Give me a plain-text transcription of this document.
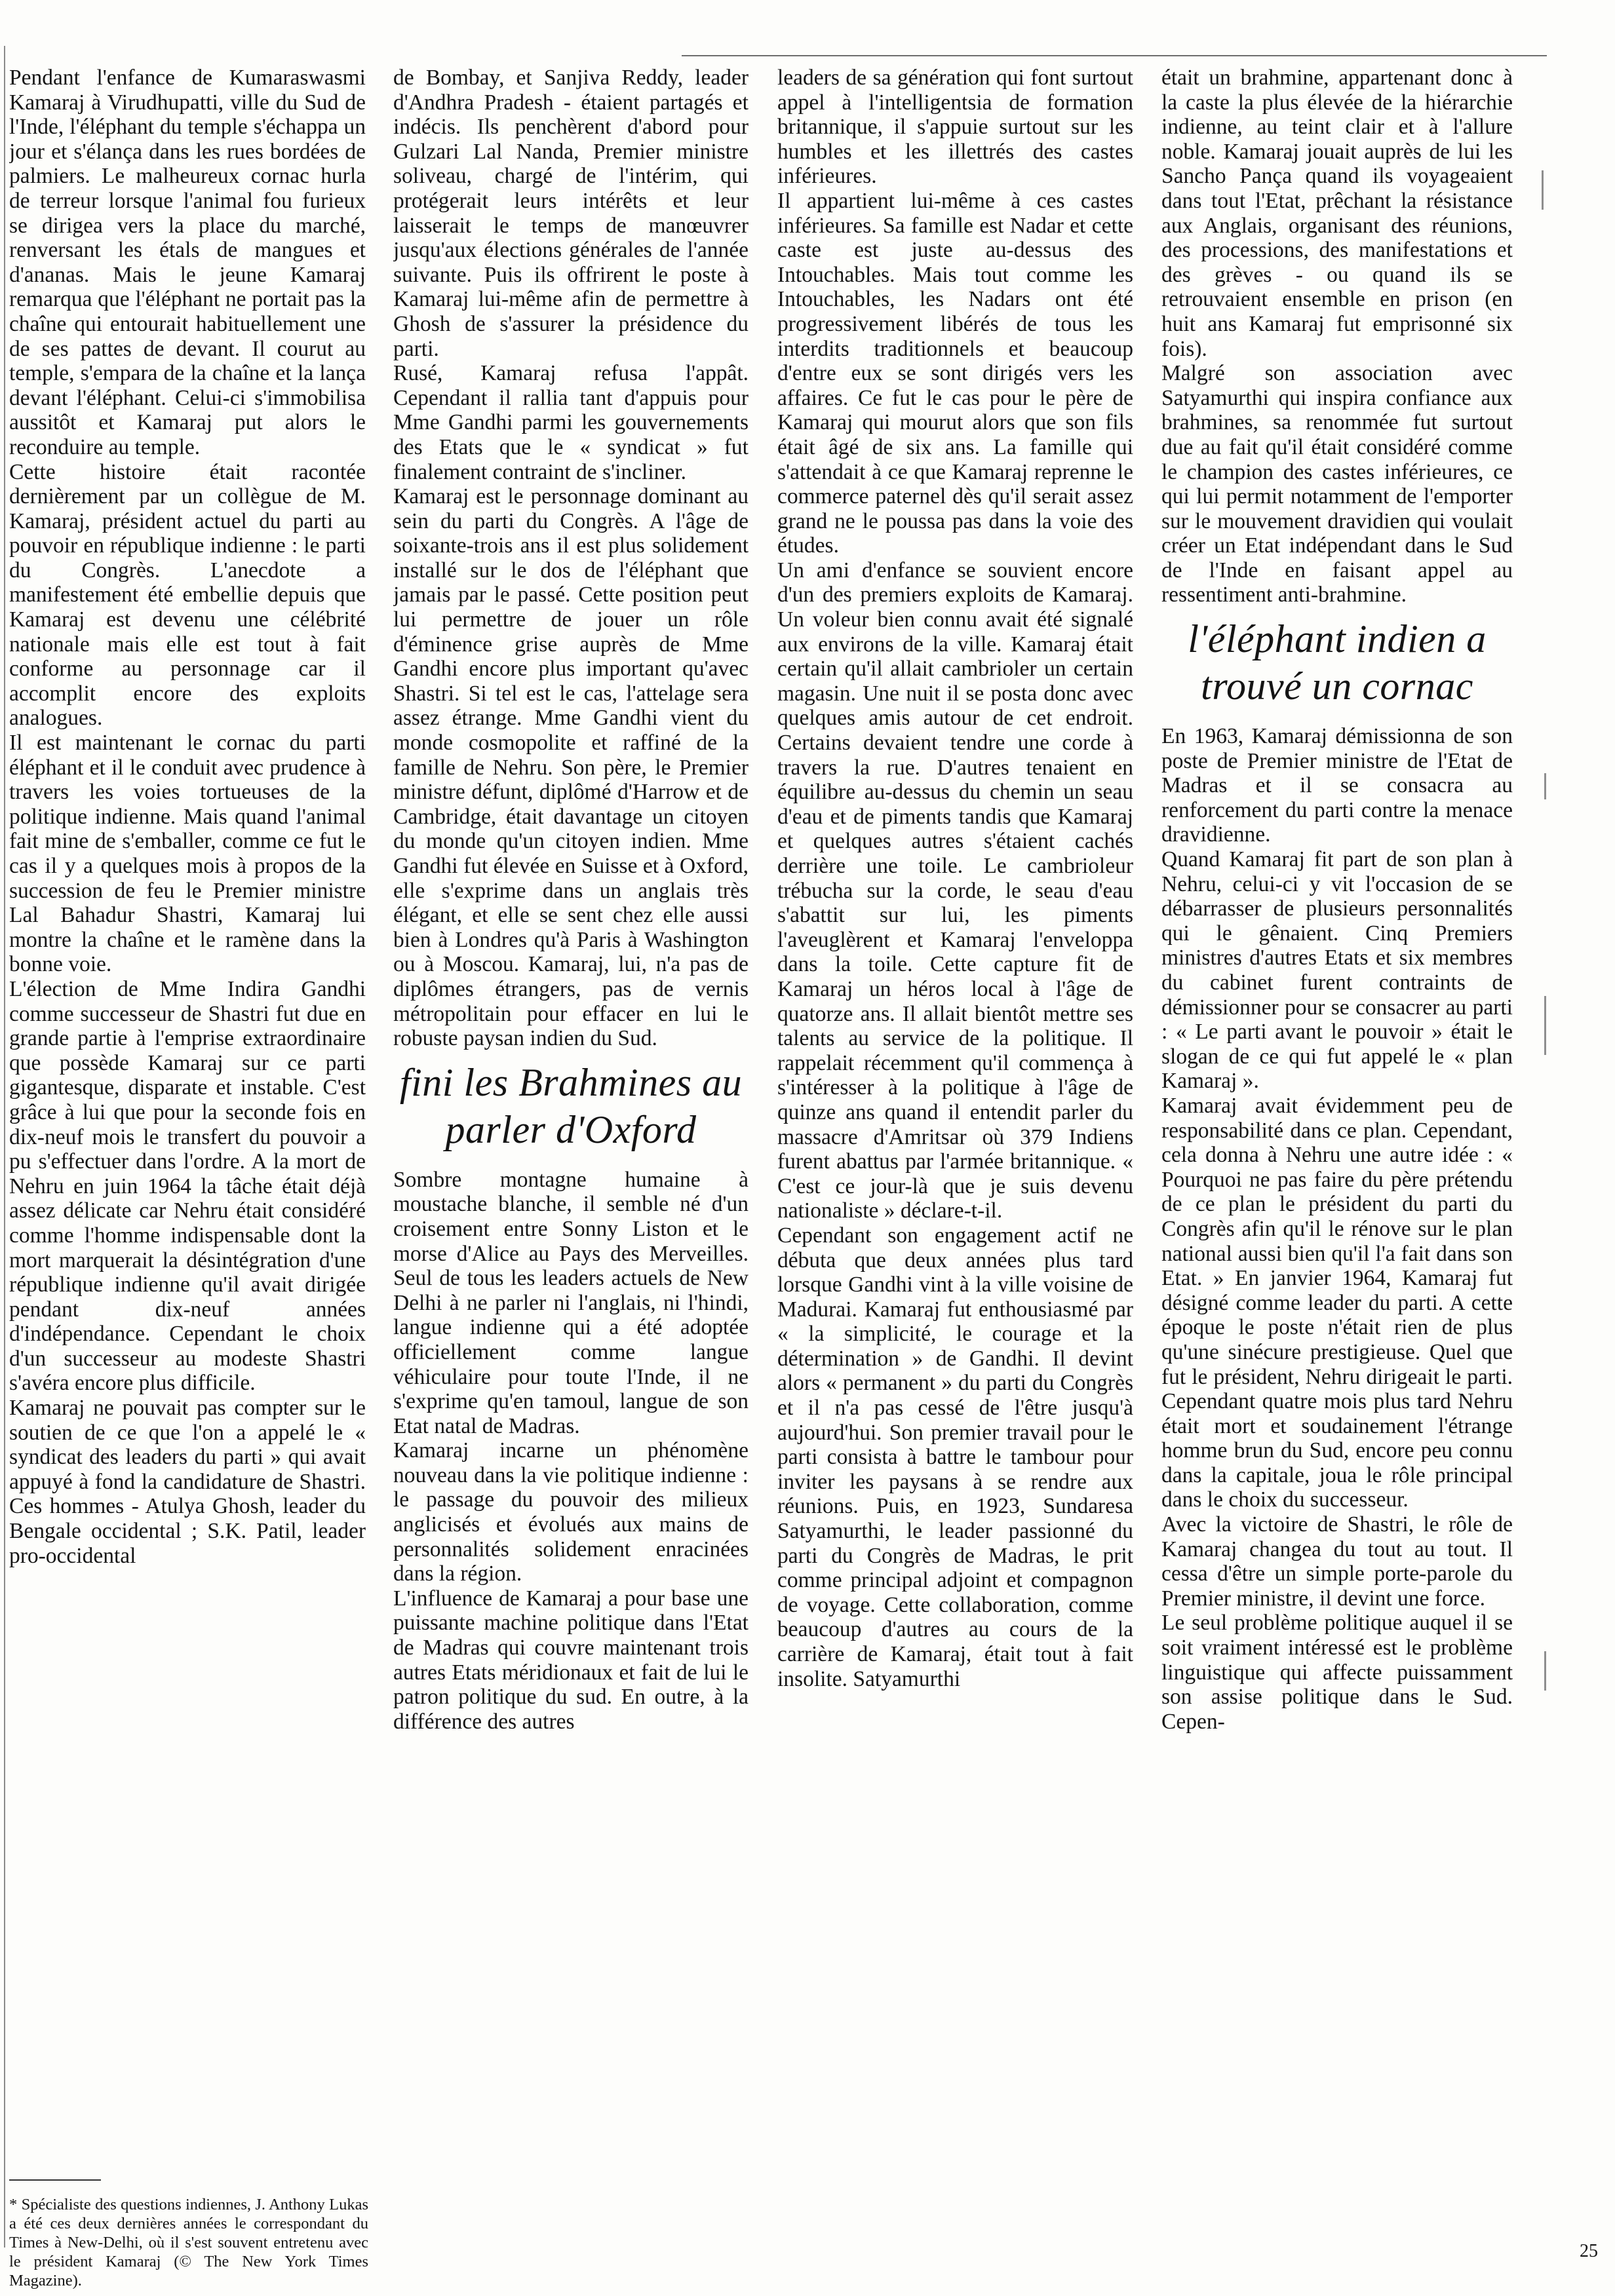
Pendant l'enfance de Kumaraswasmi Kamaraj à Virudhupatti, ville du Sud de l'Inde, l'éléphant du temple s'échappa un jour et s'élança dans les rues bordées de palmiers. Le malheureux cornac hurla de terreur lorsque l'animal fou furieux se dirigea vers la place du marché, renversant les étals de mangues et d'ananas. Mais le jeune Kamaraj remarqua que l'éléphant ne portait pas la chaîne qui entourait habituellement une de ses pattes de devant. Il courut au temple, s'empara de la chaîne et la lança devant l'éléphant. Celui-ci s'immobilisa aussitôt et Kamaraj put alors le reconduire au temple.

Cette histoire était racontée dernièrement par un collègue de M. Kamaraj, président actuel du parti au pouvoir en république indienne : le parti du Congrès. L'anecdote a manifestement été embellie depuis que Kamaraj est devenu une célébrité nationale mais elle est tout à fait conforme au personnage car il accomplit encore des exploits analogues.

Il est maintenant le cornac du parti éléphant et il le conduit avec prudence à travers les voies tortueuses de la politique indienne. Mais quand l'animal fait mine de s'emballer, comme ce fut le cas il y a quelques mois à propos de la succession de feu le Premier ministre Lal Bahadur Shastri, Kamaraj lui montre la chaîne et le ramène dans la bonne voie.

L'élection de Mme Indira Gandhi comme successeur de Shastri fut due en grande partie à l'emprise extraordinaire que possède Kamaraj sur ce parti gigantesque, disparate et instable. C'est grâce à lui que pour la seconde fois en dix-neuf mois le transfert du pouvoir a pu s'effectuer dans l'ordre. A la mort de Nehru en juin 1964 la tâche était déjà assez délicate car Nehru était considéré comme l'homme indispensable dont la mort marquerait la désintégration d'une république indienne qu'il avait dirigée pendant dix-neuf années d'indépendance. Cependant le choix d'un successeur au modeste Shastri s'avéra encore plus difficile.

Kamaraj ne pouvait pas compter sur le soutien de ce que l'on a appelé le « syndicat des leaders du parti » qui avait appuyé à fond la candidature de Shastri. Ces hommes - Atulya Ghosh, leader du Bengale occidental ; S.K. Patil, leader pro-occidental

de Bombay, et Sanjiva Reddy, leader d'Andhra Pradesh - étaient partagés et indécis. Ils penchèrent d'abord pour Gulzari Lal Nanda, Premier ministre soliveau, chargé de l'intérim, qui protégerait leurs intérêts et leur laisserait le temps de manœuvrer jusqu'aux élections générales de l'année suivante. Puis ils offrirent le poste à Kamaraj lui-même afin de permettre à Ghosh de s'assurer la présidence du parti.

Rusé, Kamaraj refusa l'appât. Cependant il rallia tant d'appuis pour Mme Gandhi parmi les gouvernements des Etats que le « syndicat » fut finalement contraint de s'incliner.

Kamaraj est le personnage dominant au sein du parti du Congrès. A l'âge de soixante-trois ans il est plus solidement installé sur le dos de l'éléphant que jamais par le passé. Cette position peut lui permettre de jouer un rôle d'éminence grise auprès de Mme Gandhi encore plus important qu'avec Shastri. Si tel est le cas, l'attelage sera assez étrange. Mme Gandhi vient du monde cosmopolite et raffiné de la famille de Nehru. Son père, le Premier ministre défunt, diplômé d'Harrow et de Cambridge, était davantage un citoyen du monde qu'un citoyen indien. Mme Gandhi fut élevée en Suisse et à Oxford, elle s'exprime dans un anglais très élégant, et elle se sent chez elle aussi bien à Londres qu'à Paris à Washington ou à Moscou. Kamaraj, lui, n'a pas de diplômes étrangers, pas de vernis métropolitain pour effacer en lui le robuste paysan indien du Sud.

fini les Brahmines au parler d'Oxford

Sombre montagne humaine à moustache blanche, il semble né d'un croisement entre Sonny Liston et le morse d'Alice au Pays des Merveilles. Seul de tous les leaders actuels de New Delhi à ne parler ni l'anglais, ni l'hindi, langue indienne qui a été adoptée officiellement comme langue véhiculaire pour toute l'Inde, il ne s'exprime qu'en tamoul, langue de son Etat natal de Madras.

Kamaraj incarne un phénomène nouveau dans la vie politique indienne : le passage du pouvoir des milieux anglicisés et évolués aux mains de personnalités solidement enracinées dans la région.

L'influence de Kamaraj a pour base une puissante machine politique dans l'Etat de Madras qui couvre maintenant trois autres Etats méridionaux et fait de lui le patron politique du sud. En outre, à la différence des autres

leaders de sa génération qui font surtout appel à l'intelligentsia de formation britannique, il s'appuie surtout sur les humbles et les illettrés des castes inférieures.

Il appartient lui-même à ces castes inférieures. Sa famille est Nadar et cette caste est juste au-dessus des Intouchables. Mais tout comme les Intouchables, les Nadars ont été progressivement libérés de tous les interdits traditionnels et beaucoup d'entre eux se sont dirigés vers les affaires. Ce fut le cas pour le père de Kamaraj qui mourut alors que son fils était âgé de six ans. La famille qui s'attendait à ce que Kamaraj reprenne le commerce paternel dès qu'il serait assez grand ne le poussa pas dans la voie des études.

Un ami d'enfance se souvient encore d'un des premiers exploits de Kamaraj. Un voleur bien connu avait été signalé aux environs de la ville. Kamaraj était certain qu'il allait cambrioler un certain magasin. Une nuit il se posta donc avec quelques amis autour de cet endroit. Certains devaient tendre une corde à travers la rue. D'autres tenaient en équilibre au-dessus du chemin un seau d'eau et de piments tandis que Kamaraj et quelques autres s'étaient cachés derrière une toile. Le cambrioleur trébucha sur la corde, le seau d'eau s'abattit sur lui, les piments l'aveuglèrent et Kamaraj l'enveloppa dans la toile. Cette capture fit de Kamaraj un héros local à l'âge de quatorze ans. Il allait bientôt mettre ses talents au service de la politique. Il rappelait récemment qu'il commença à s'intéresser à la politique à l'âge de quinze ans quand il entendit parler du massacre d'Amritsar où 379 Indiens furent abattus par l'armée britannique. « C'est ce jour-là que je suis devenu nationaliste » déclare-t-il.

Cependant son engagement actif ne débuta que deux années plus tard lorsque Gandhi vint à la ville voisine de Madurai. Kamaraj fut enthousiasmé par « la simplicité, le courage et la détermination » de Gandhi. Il devint alors « permanent » du parti du Congrès et il n'a pas cessé de l'être jusqu'à aujourd'hui. Son premier travail pour le parti consista à battre le tambour pour inviter les paysans à se rendre aux réunions. Puis, en 1923, Sundaresa Satyamurthi, le leader passionné du parti du Congrès de Madras, le prit comme principal adjoint et compagnon de voyage. Cette collaboration, comme beaucoup d'autres au cours de la carrière de Kamaraj, était tout à fait insolite. Satyamurthi

était un brahmine, appartenant donc à la caste la plus élevée de la hiérarchie indienne, au teint clair et à l'allure noble. Kamaraj jouait auprès de lui les Sancho Pança quand ils voyageaient dans tout l'Etat, prêchant la résistance aux Anglais, organisant des réunions, des processions, des manifestations et des grèves - ou quand ils se retrouvaient ensemble en prison (en huit ans Kamaraj fut emprisonné six fois).

Malgré son association avec Satyamurthi qui inspira confiance aux brahmines, sa renommée fut surtout due au fait qu'il était considéré comme le champion des castes inférieures, ce qui lui permit notamment de l'emporter sur le mouvement dravidien qui voulait créer un Etat indépendant dans le Sud de l'Inde en faisant appel au ressentiment anti-brahmine.

l'éléphant indien a trouvé un cornac

En 1963, Kamaraj démissionna de son poste de Premier ministre de l'Etat de Madras et il se consacra au renforcement du parti contre la menace dravidienne.

Quand Kamaraj fit part de son plan à Nehru, celui-ci y vit l'occasion de se débarrasser de plusieurs personnalités qui le gênaient. Cinq Premiers ministres d'autres Etats et six membres du cabinet furent contraints de démissionner pour se consacrer au parti : « Le parti avant le pouvoir » était le slogan de ce qui fut appelé le « plan Kamaraj ».

Kamaraj avait évidemment peu de responsabilité dans ce plan. Cependant, cela donna à Nehru une autre idée : « Pourquoi ne pas faire du père prétendu de ce plan le président du parti du Congrès afin qu'il le rénove sur le plan national aussi bien qu'il l'a fait dans son Etat. » En janvier 1964, Kamaraj fut désigné comme leader du parti. A cette époque le poste n'était rien de plus qu'une sinécure prestigieuse. Quel que fut le président, Nehru dirigeait le parti. Cependant quatre mois plus tard Nehru était mort et soudainement l'étrange homme brun du Sud, encore peu connu dans la capitale, joua le rôle principal dans le choix du successeur.

Avec la victoire de Shastri, le rôle de Kamaraj changea du tout au tout. Il cessa d'être un simple porte-parole du Premier ministre, il devint une force.

Le seul problème politique auquel il se soit vraiment intéressé est le problème linguistique qui affecte puissamment son assise politique dans le Sud. Cepen-

* Spécialiste des questions indiennes, J. Anthony Lukas a été ces deux dernières années le correspondant du Times à New-Delhi, où il s'est souvent entretenu avec le président Kamaraj (© The New York Times Magazine).
25
